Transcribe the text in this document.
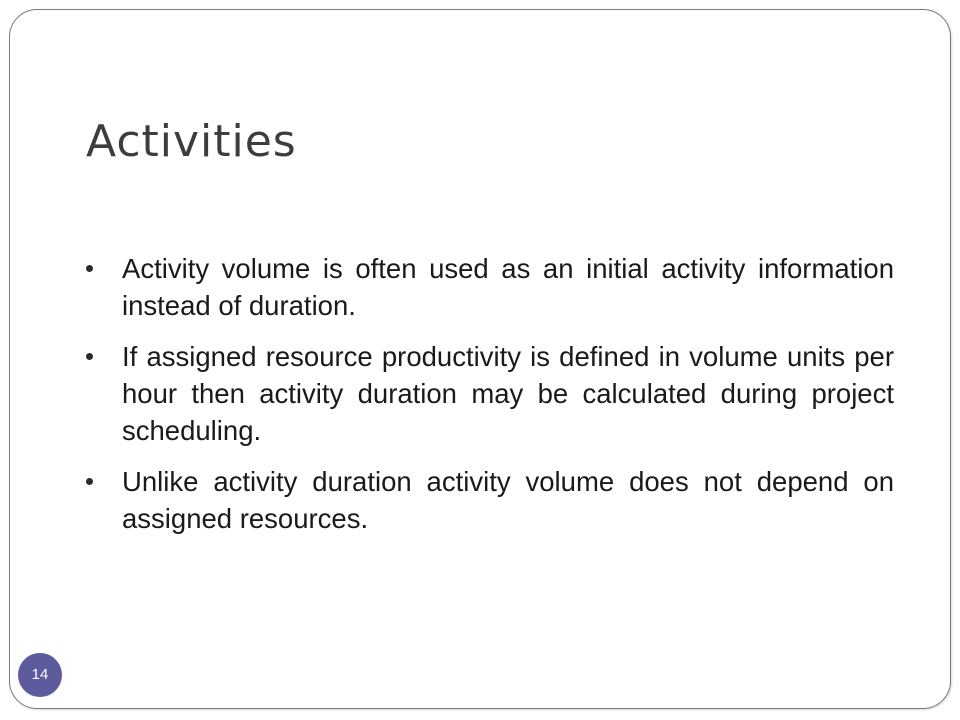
Activities
Activity volume is often used as an initial activity information instead of duration.
If assigned resource productivity is defined in volume units per hour then activity duration may be calculated during project scheduling.
Unlike activity duration activity volume does not depend on assigned resources.
14
